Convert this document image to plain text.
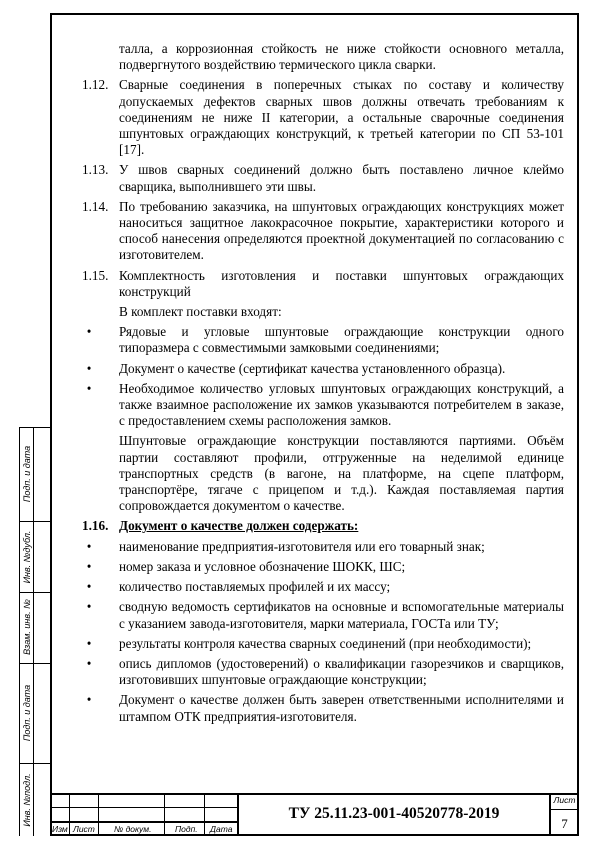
Подп. и дата
Инв. №дубл.
Взам. инв. №
Подп. и дата
Инв. №подл.
талла, а коррозионная стойкость не ниже стойкости основного металла, подвергнутого воздействию термического цикла сварки.
1.12. Сварные соединения в поперечных стыках по составу и количеству допускаемых дефектов сварных швов должны отвечать требованиям к соединениям не ниже II категории, а остальные сварочные соединения шпунтовых ограждающих конструкций, к третьей категории по СП 53-101 [17].
1.13. У швов сварных соединений должно быть поставлено личное клеймо сварщика, выполнившего эти швы.
1.14. По требованию заказчика, на шпунтовых ограждающих конструкциях может наноситься защитное лакокрасочное покрытие, характеристики которого и способ нанесения определяются проектной документацией по согласованию с изготовителем.
1.15. Комплектность изготовления и поставки шпунтовых ограждающих конструкций
В комплект поставки входят:
•	Рядовые и угловые шпунтовые ограждающие конструкции одного типоразмера с совместимыми замковыми соединениями;
•	Документ о качестве (сертификат качества установленного образца).
•	Необходимое количество угловых шпунтовых ограждающих конструкций, а также взаимное расположение их замков указываются потребителем в заказе, с предоставлением схемы расположения замков.
Шпунтовые ограждающие конструкции поставляются партиями. Объём партии составляют профили, отгруженные на неделимой единице транспортных средств (в вагоне, на платформе, на сцепе платформ, транспортёре, тягаче с прицепом и т.д.). Каждая поставляемая партия сопровождается документом о качестве.
1.16. Документ о качестве должен содержать:
•	наименование предприятия-изготовителя или его товарный знак;
•	номер заказа и условное обозначение ШОКК, ШС;
•	количество поставляемых профилей и их массу;
•	сводную ведомость сертификатов на основные и вспомогательные материалы с указанием завода-изготовителя, марки материала, ГОСТа или ТУ;
•	результаты контроля качества сварных соединений (при необходимости);
•	опись дипломов (удостоверений) о квалификации газорезчиков и сварщиков, изготовивших шпунтовые ограждающие конструкции;
•	Документ о качестве должен быть заверен ответственными исполнителями и штампом ОТК предприятия-изготовителя.
Изм Лист № докум.	Подп. Дата
ТУ 25.11.23-001-40520778-2019
Лист
7
